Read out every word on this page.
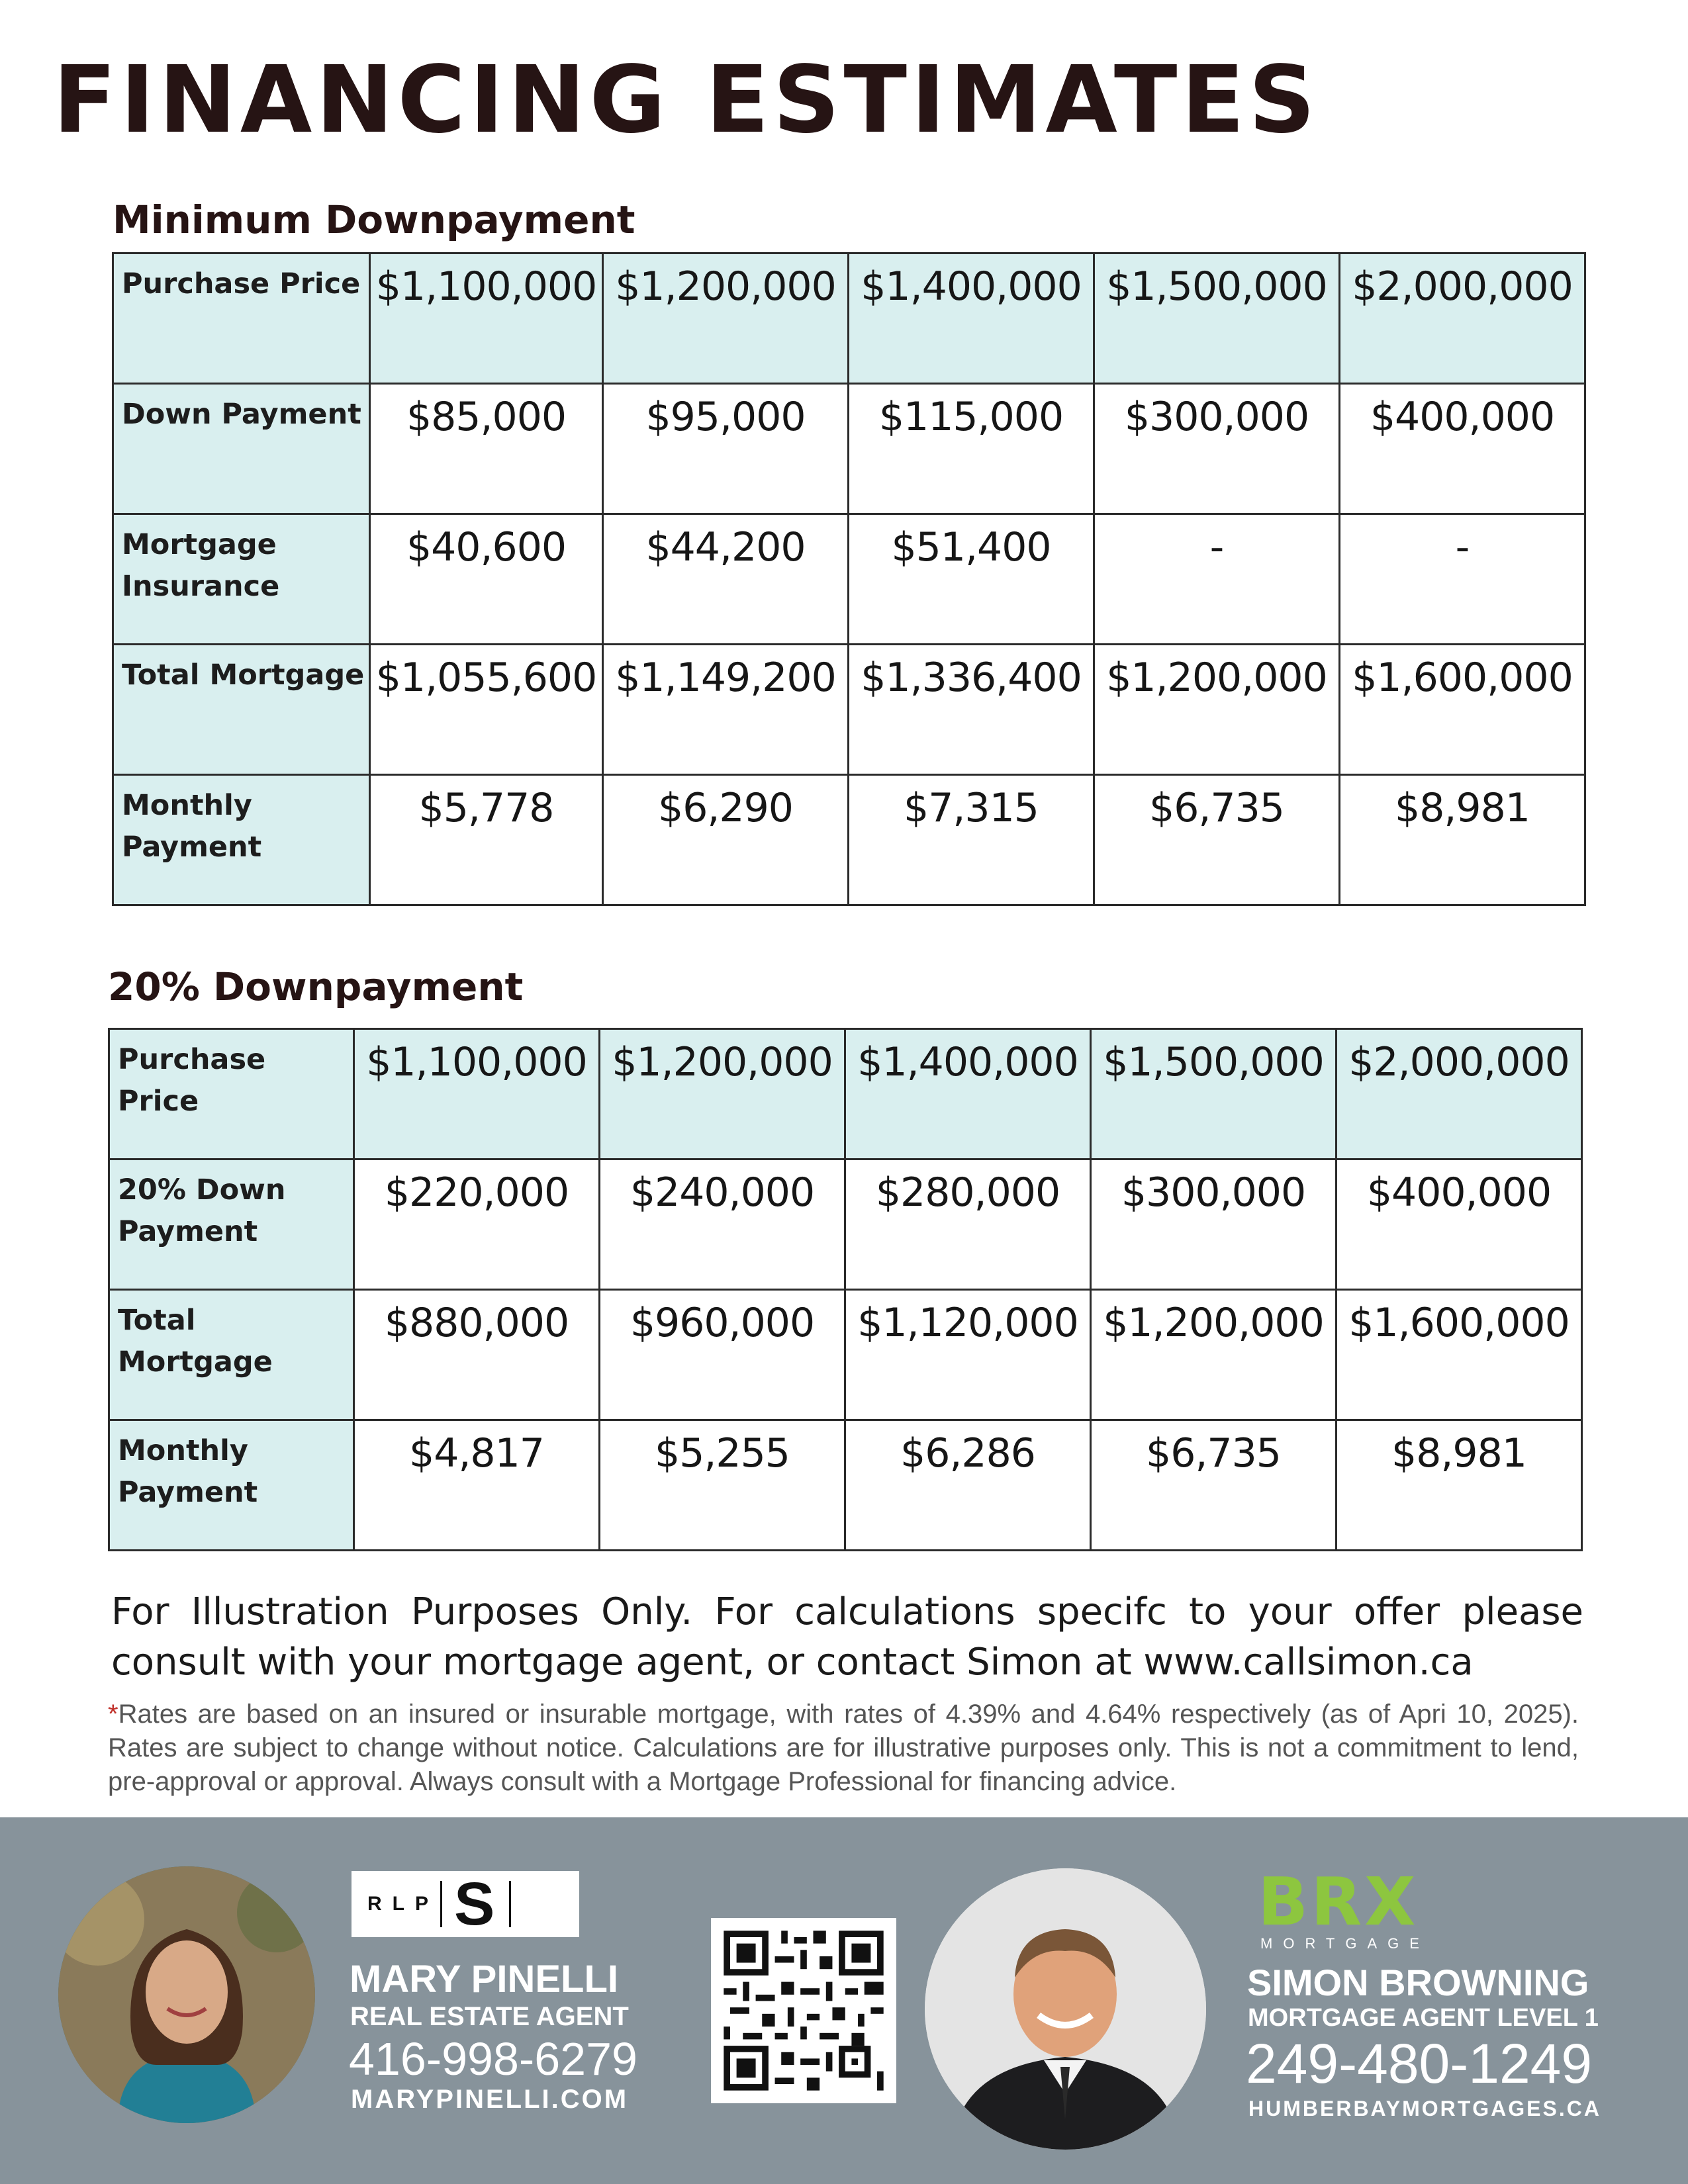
FINANCING ESTIMATES
Minimum Downpayment
Purchase Price	$1,100,000	$1,200,000	$1,400,000	$1,500,000	$2,000,000
Down Payment	$85,000	$95,000	$115,000	$300,000	$400,000
Mortgage Insurance	$40,600	$44,200	$51,400	-	-
Total Mortgage	$1,055,600	$1,149,200	$1,336,400	$1,200,000	$1,600,000
Monthly Payment	$5,778	$6,290	$7,315	$6,735	$8,981
20% Downpayment
Purchase Price	$1,100,000	$1,200,000	$1,400,000	$1,500,000	$2,000,000
20% Down Payment	$220,000	$240,000	$280,000	$300,000	$400,000
Total Mortgage	$880,000	$960,000	$1,120,000	$1,200,000	$1,600,000
Monthly Payment	$4,817	$5,255	$6,286	$6,735	$8,981
For Illustration Purposes Only. For calculations specifc to your offer please consult with your mortgage agent, or contact Simon at www.callsimon.ca
*Rates are based on an insured or insurable mortgage, with rates of 4.39% and 4.64% respectively (as of Apri 10, 2025). Rates are subject to change without notice. Calculations are for illustrative purposes only. This is not a commitment to lend, pre-approval or approval. Always consult with a Mortgage Professional for financing advice.
RLP S
MARY PINELLI
REAL ESTATE AGENT
416-998-6279
MARYPINELLI.COM
BRX
MORTGAGE
SIMON BROWNING
MORTGAGE AGENT LEVEL 1
249-480-1249
HUMBERBAYMORTGAGES.CA
